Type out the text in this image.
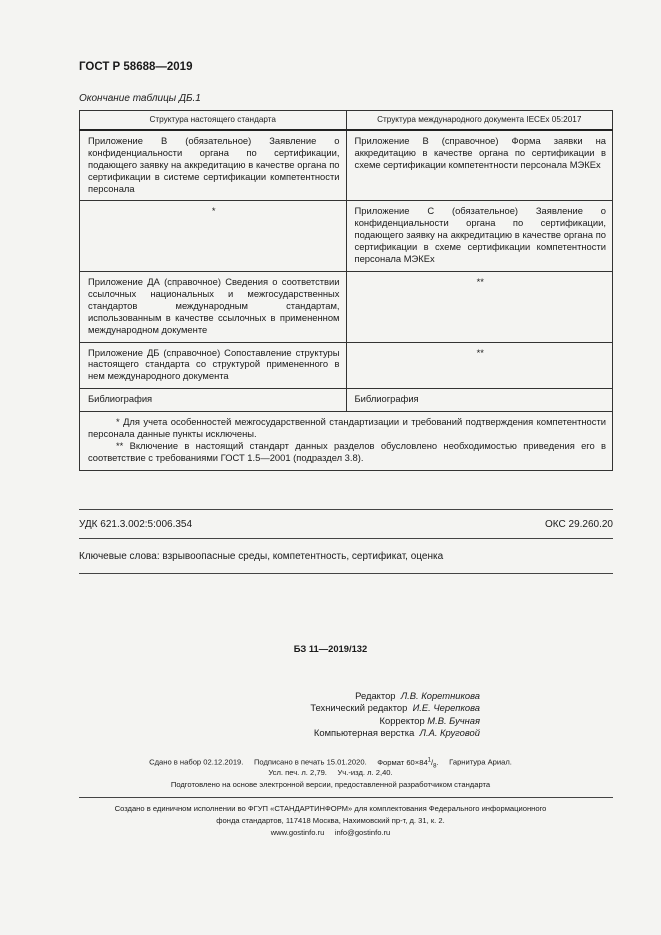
ГОСТ Р 58688—2019
Окончание таблицы ДБ.1
Структура настоящего стандарта	Структура международного документа IECEx 05:2017
Приложение В (обязательное) Заявление о конфиденциальности органа по сертификации, подающего заявку на аккредитацию в качестве органа по сертификации в системе сертификации компетентности персонала	Приложение В (справочное) Форма заявки на аккредитацию в качестве органа по сертификации в схеме сертификации компетентности персонала МЭКЕх
*	Приложение С (обязательное) Заявление о конфиденциальности органа по сертификации, подающего заявку на аккредитацию в качестве органа по сертификации в схеме сертификации компетентности персонала МЭКЕх
Приложение ДА (справочное) Сведения о соответствии ссылочных национальных и межгосударственных стандартов международным стандартам, использованным в качестве ссылочных в примененном международном документе	**
Приложение ДБ (справочное) Сопоставление структуры настоящего стандарта со структурой примененного в нем международного документа	**
Библиография	Библиография

* Для учета особенностей межгосударственной стандартизации и требований подтверждения компетентности персонала данные пункты исключены.

** Включение в настоящий стандарт данных разделов обусловлено необходимостью приведения его в соответствие с требованиями ГОСТ 1.5—2001 (подраздел 3.8).	

УДК 621.3.002:5:006.354	ОКС 29.260.20
Ключевые слова: взрывоопасные среды, компетентность, сертификат, оценка
БЗ 11—2019/132
Редактор Л.В. Коретникова
Технический редактор И.Е. Черепкова
Корректор М.В. Бучная
Компьютерная верстка Л.А. Круговой
Сдано в набор 02.12.2019. Подписано в печать 15.01.2020. Формат $60\times 84^1/_8$. Гарнитура Ариал.
Усл. печ. л. 2,79. Уч.-изд. л. 2,40.
Подготовлено на основе электронной версии, предоставленной разработчиком стандарта
Создано в единичном исполнении во ФГУП «СТАНДАРТИНФОРМ» для комплектования Федерального информационного
фонда стандартов, 117418 Москва, Нахимовский пр-т, д. 31, к. 2.
www.gostinfo.ru info@gostinfo.ru
